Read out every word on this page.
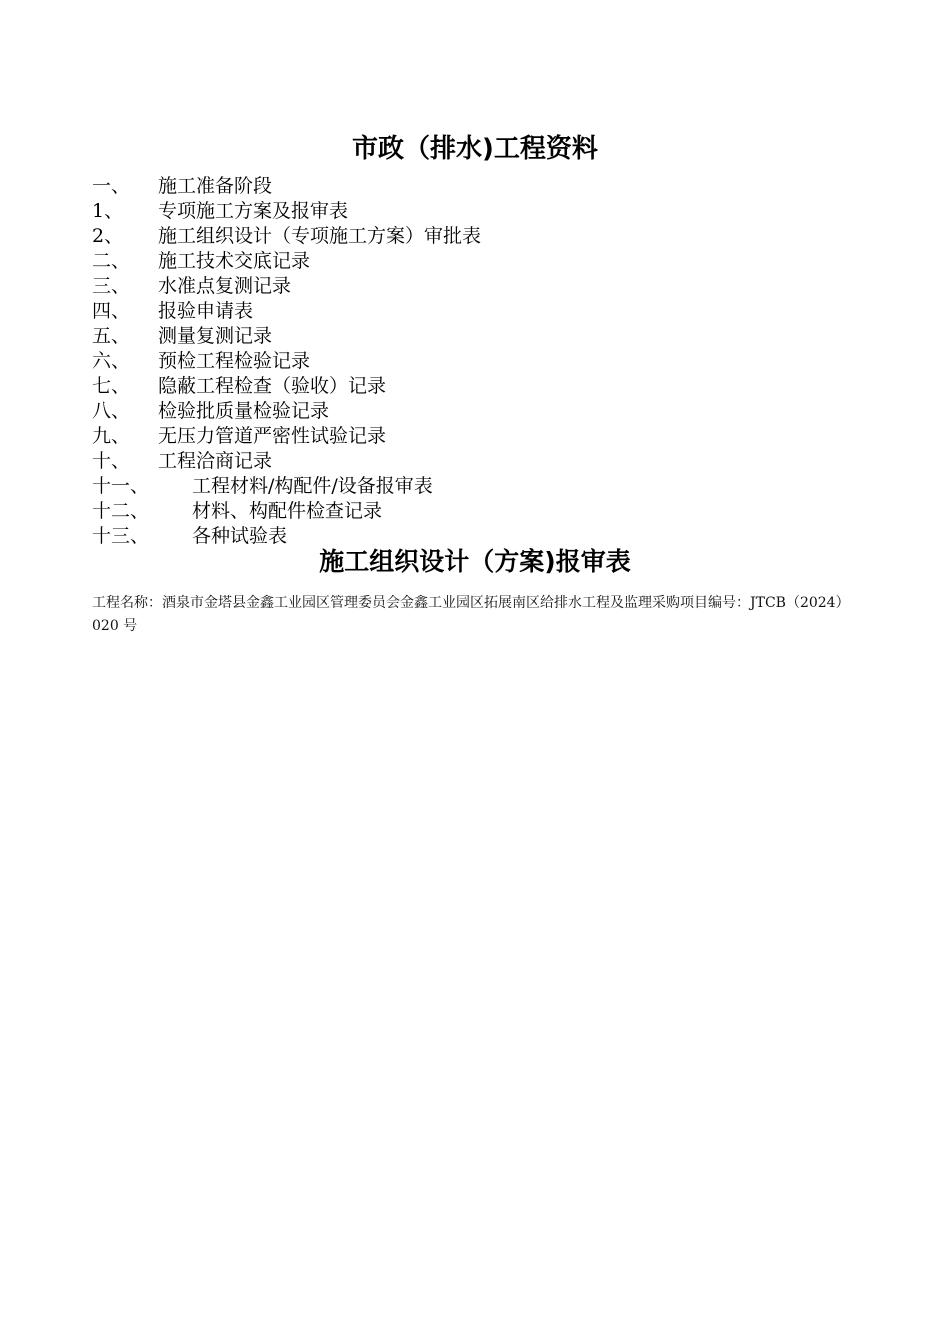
市政（排水)工程资料
一、	施工准备阶段
1、	专项施工方案及报审表
2、	施工组织设计（专项施工方案）审批表
二、	施工技术交底记录
三、	水准点复测记录
四、	报验申请表
五、	测量复测记录
六、	预检工程检验记录
七、	隐蔽工程检查（验收）记录
八、	检验批质量检验记录
九、	无压力管道严密性试验记录
十、	工程洽商记录
十一、	工程材料/构配件/设备报审表
十二、	材料、构配件检查记录
十三、	各种试验表
施工组织设计（方案)报审表

工程名称：酒泉市金塔县金鑫工业园区管理委员会金鑫工业园区拓展南区给排水工程及监理采购项目编号：JTCB（2024）020 号
